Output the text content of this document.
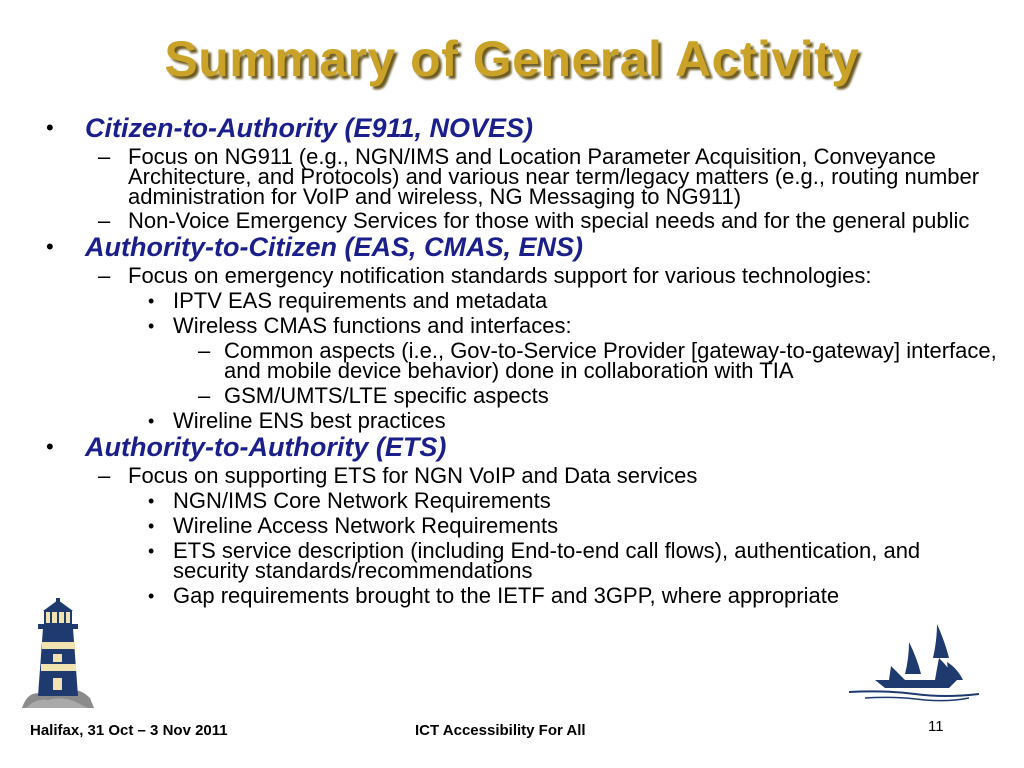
Summary of General Activity
• Citizen-to-Authority (E911, NOVES)
– Focus on NG911 (e.g., NGN/IMS and Location Parameter Acquisition, Conveyance Architecture, and Protocols) and various near term/legacy matters (e.g., routing number administration for VoIP and wireless, NG Messaging to NG911)
– Non-Voice Emergency Services for those with special needs and for the general public
• Authority-to-Citizen (EAS, CMAS, ENS)
– Focus on emergency notification standards support for various technologies:
• IPTV EAS requirements and metadata
• Wireless CMAS functions and interfaces:
– Common aspects (i.e., Gov-to-Service Provider [gateway-to-gateway] interface, and mobile device behavior) done in collaboration with TIA
– GSM/UMTS/LTE specific aspects
• Wireline ENS best practices
• Authority-to-Authority (ETS)
– Focus on supporting ETS for NGN VoIP and Data services
• NGN/IMS Core Network Requirements
• Wireline Access Network Requirements
• ETS service description (including End-to-end call flows), authentication, and security standards/recommendations
• Gap requirements brought to the IETF and 3GPP, where appropriate
Halifax, 31 Oct – 3 Nov 2011	ICT Accessibility For All	11
